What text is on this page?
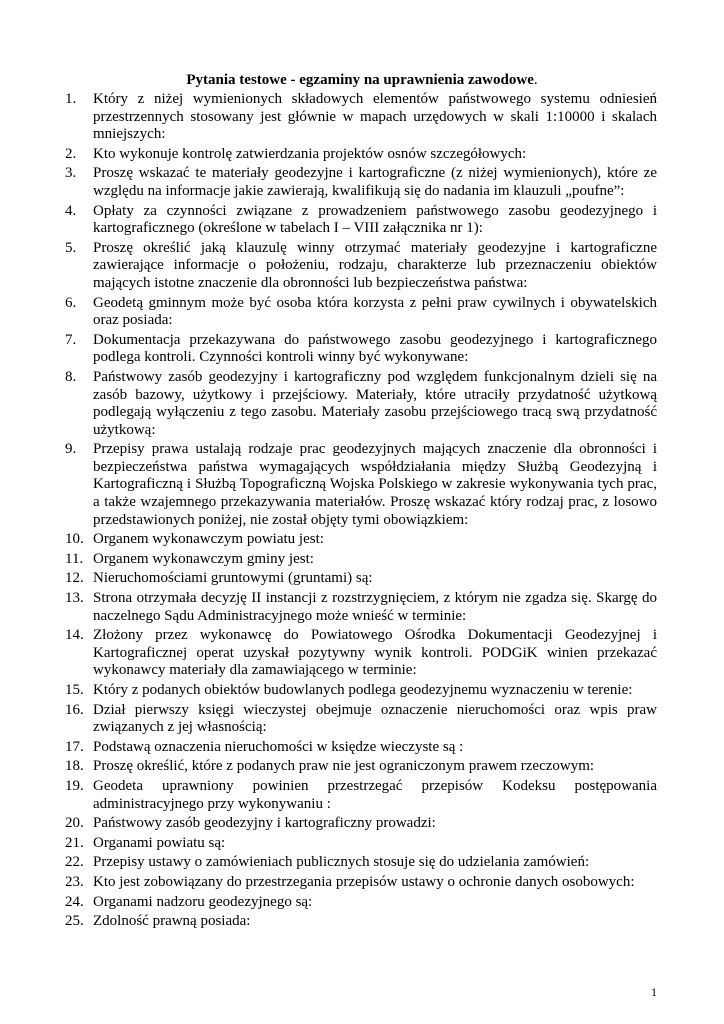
Pytania testowe - egzaminy na uprawnienia zawodowe.
1.	Który z niżej wymienionych składowych elementów państwowego systemu odniesień przestrzennych stosowany jest głównie w mapach urzędowych w skali 1:10000 i skalach mniejszych:
2.	Kto wykonuje kontrolę zatwierdzania projektów osnów szczegółowych:
3.	Proszę wskazać te materiały geodezyjne i kartograficzne (z niżej wymienionych), które ze względu na informacje jakie zawierają, kwalifikują się do nadania im klauzuli „poufne”:
4.	Opłaty za czynności związane z prowadzeniem państwowego zasobu geodezyjnego i kartograficznego (określone w tabelach I – VIII załącznika nr 1):
5.	Proszę określić jaką klauzulę winny otrzymać materiały geodezyjne i kartograficzne zawierające informacje o położeniu, rodzaju, charakterze lub przeznaczeniu obiektów mających istotne znaczenie dla obronności lub bezpieczeństwa państwa:
6.	Geodetą gminnym może być osoba która korzysta z pełni praw cywilnych i obywatelskich oraz posiada:
7.	Dokumentacja przekazywana do państwowego zasobu geodezyjnego i kartograficznego podlega kontroli. Czynności kontroli winny być wykonywane:
8.	Państwowy zasób geodezyjny i kartograficzny pod względem funkcjonalnym dzieli się na zasób bazowy, użytkowy i przejściowy. Materiały, które utraciły przydatność użytkową podlegają wyłączeniu z tego zasobu. Materiały zasobu przejściowego tracą swą przydatność użytkową:
9.	Przepisy prawa ustalają rodzaje prac geodezyjnych mających znaczenie dla obronności i bezpieczeństwa państwa wymagających współdziałania między Służbą Geodezyjną i Kartograficzną i Służbą Topograficzną Wojska Polskiego w zakresie wykonywania tych prac, a także wzajemnego przekazywania materiałów. Proszę wskazać który rodzaj prac, z losowo przedstawionych poniżej, nie został objęty tymi obowiązkiem:
10. Organem wykonawczym powiatu jest:
11. Organem wykonawczym gminy jest:
12. Nieruchomościami gruntowymi (gruntami) są:
13. Strona otrzymała decyzję II instancji z rozstrzygnięciem, z którym nie zgadza się. Skargę do naczelnego Sądu Administracyjnego może wnieść w terminie:
14. Złożony przez wykonawcę do Powiatowego Ośrodka Dokumentacji Geodezyjnej i Kartograficznej operat uzyskał pozytywny wynik kontroli. PODGiK winien przekazać wykonawcy materiały dla zamawiającego w terminie:
15. Który z podanych obiektów budowlanych podlega geodezyjnemu wyznaczeniu w terenie:
16. Dział pierwszy księgi wieczystej obejmuje oznaczenie nieruchomości oraz wpis praw związanych z jej własnością:
17. Podstawą oznaczenia nieruchomości w księdze wieczyste są :
18. Proszę określić, które z podanych praw nie jest ograniczonym prawem rzeczowym:
19. Geodeta uprawniony powinien przestrzegać przepisów Kodeksu postępowania administracyjnego przy wykonywaniu :
20. Państwowy zasób geodezyjny i kartograficzny prowadzi:
21. Organami powiatu są:
22. Przepisy ustawy o zamówieniach publicznych stosuje się do udzielania zamówień:
23. Kto jest zobowiązany do przestrzegania przepisów ustawy o ochronie danych osobowych:
24. Organami nadzoru geodezyjnego są:
25. Zdolność prawną posiada:
1
